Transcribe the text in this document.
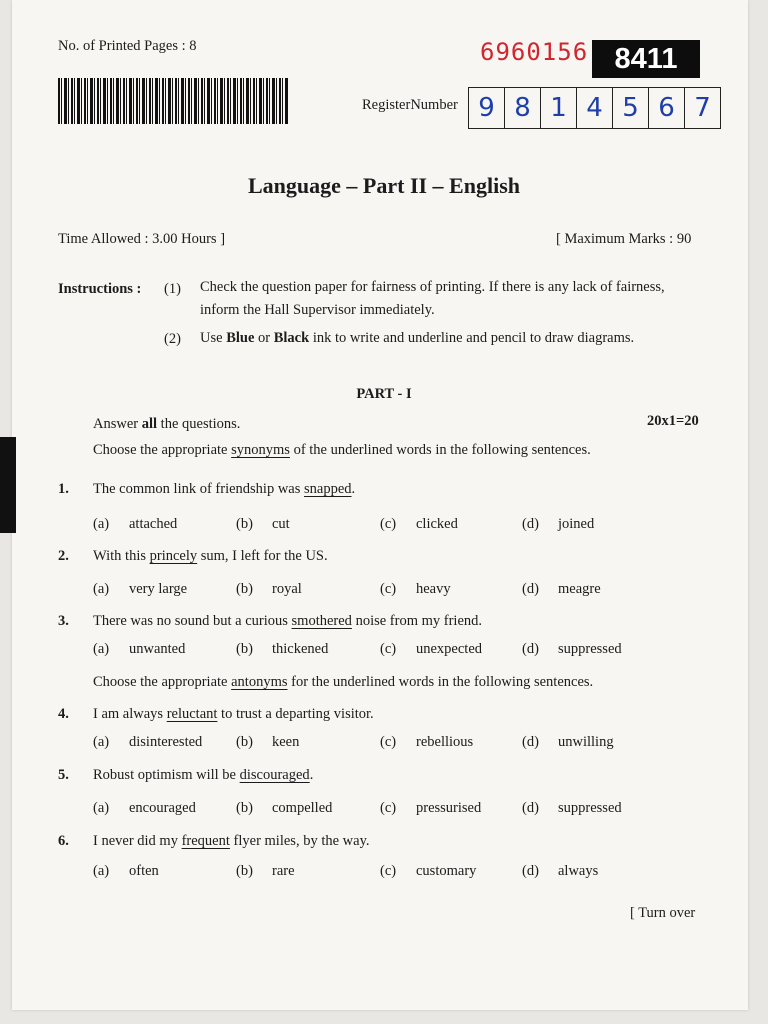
No. of Printed Pages : 8	6960156 8411
RegisterNumber 9 8 1 4 5 6 7
Language – Part II – English
Time Allowed : 3.00 Hours ]	[ Maximum Marks : 90
Instructions : (1) Check the question paper for fairness of printing. If there is any lack of fairness,
inform the Hall Supervisor immediately.
(2) Use Blue or Black ink to write and underline and pencil to draw diagrams.
PART - I
Answer all the questions.	20x1=20
Choose the appropriate synonyms of the underlined words in the following sentences.
1. The common link of friendship was snapped.
(a) attached	(b) cut	(c) clicked	(d) joined
2. With this princely sum, I left for the US.
(a) very large	(b) royal	(c) heavy	(d) meagre
3. There was no sound but a curious smothered noise from my friend.
(a) unwanted	(b) thickened	(c) unexpected	(d) suppressed
4. I am always reluctant to trust a departing visitor.
(a) disinterested (b) keen	(c) rebellious	(d) unwilling
5. Robust optimism will be discouraged.
(a) encouraged	(b) compelled	(c) pressurised	(d) suppressed
6. I never did my frequent flyer miles, by the way.
(a) often	(b) rare	(c) customary	(d) always
Choose the appropriate antonyms for the underlined words in the following sentences.
[ Turn over
